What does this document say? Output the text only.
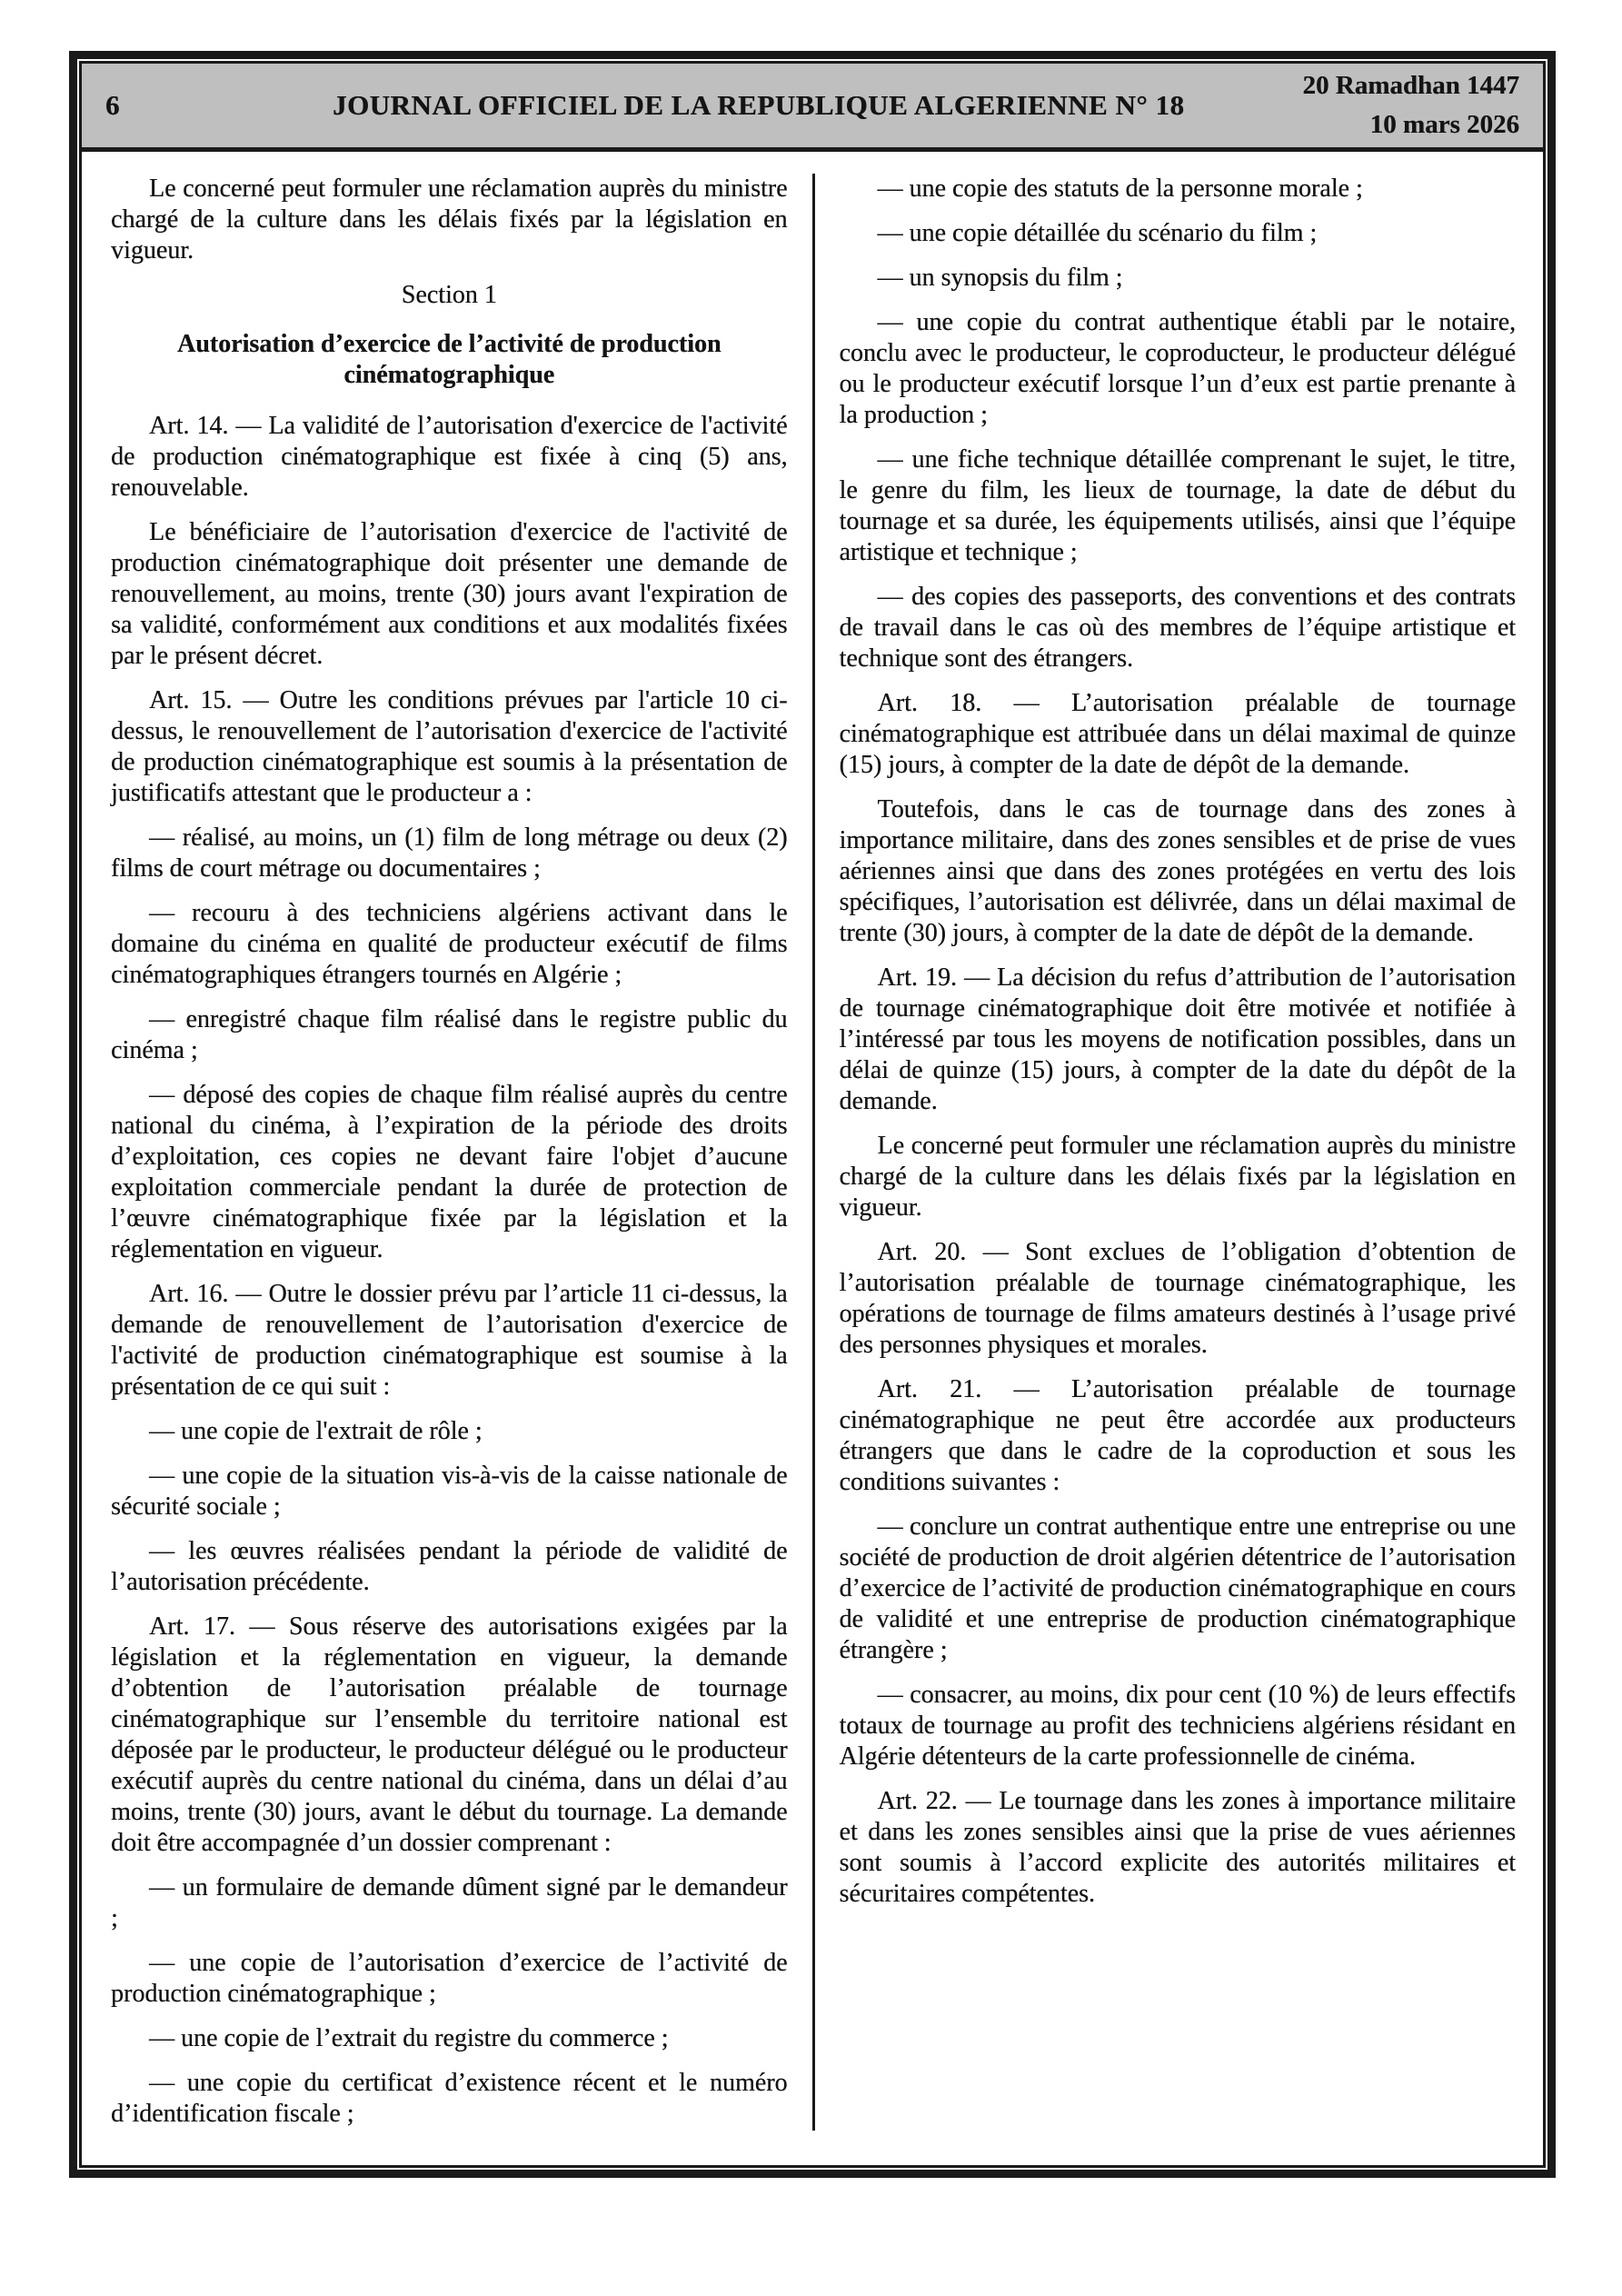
6	JOURNAL OFFICIEL DE LA REPUBLIQUE ALGERIENNE N° 18
20 Ramadhan 1447
10 mars 2026

Le concerné peut formuler une réclamation auprès du ministre chargé de la culture dans les délais fixés par la législation en vigueur.

Section 1

Autorisation d’exercice de l’activité de production cinématographique

Art. 14. — La validité de l’autorisation d'exercice de l'activité de production cinématographique est fixée à cinq (5) ans, renouvelable.

Le bénéficiaire de l’autorisation d'exercice de l'activité de production cinématographique doit présenter une demande de renouvellement, au moins, trente (30) jours avant l'expiration de sa validité, conformément aux conditions et aux modalités fixées par le présent décret.

Art. 15. — Outre les conditions prévues par l'article 10 ci-dessus, le renouvellement de l’autorisation d'exercice de l'activité de production cinématographique est soumis à la présentation de justificatifs attestant que le producteur a :

— réalisé, au moins, un (1) film de long métrage ou deux (2) films de court métrage ou documentaires ;

— recouru à des techniciens algériens activant dans le domaine du cinéma en qualité de producteur exécutif de films cinématographiques étrangers tournés en Algérie ;

— enregistré chaque film réalisé dans le registre public du cinéma ;

— déposé des copies de chaque film réalisé auprès du centre national du cinéma, à l’expiration de la période des droits d’exploitation, ces copies ne devant faire l'objet d’aucune exploitation commerciale pendant la durée de protection de l’œuvre cinématographique fixée par la législation et la réglementation en vigueur.

Art. 16. — Outre le dossier prévu par l’article 11 ci-dessus, la demande de renouvellement de l’autorisation d'exercice de l'activité de production cinématographique est soumise à la présentation de ce qui suit :

— une copie de l'extrait de rôle ;

— une copie de la situation vis-à-vis de la caisse nationale de sécurité sociale ;

— les œuvres réalisées pendant la période de validité de l’autorisation précédente.

Art. 17. — Sous réserve des autorisations exigées par la législation et la réglementation en vigueur, la demande d’obtention de l’autorisation préalable de tournage cinématographique sur l’ensemble du territoire national est déposée par le producteur, le producteur délégué ou le producteur exécutif auprès du centre national du cinéma, dans un délai d’au moins, trente (30) jours, avant le début du tournage. La demande doit être accompagnée d’un dossier comprenant :

— un formulaire de demande dûment signé par le demandeur ;

— une copie de l’autorisation d’exercice de l’activité de production cinématographique ;

— une copie de l’extrait du registre du commerce ;

— une copie du certificat d’existence récent et le numéro d’identification fiscale ;

— une copie des statuts de la personne morale ;

— une copie détaillée du scénario du film ;

— un synopsis du film ;

— une copie du contrat authentique établi par le notaire, conclu avec le producteur, le coproducteur, le producteur délégué ou le producteur exécutif lorsque l’un d’eux est partie prenante à la production ;

— une fiche technique détaillée comprenant le sujet, le titre, le genre du film, les lieux de tournage, la date de début du tournage et sa durée, les équipements utilisés, ainsi que l’équipe artistique et technique ;

— des copies des passeports, des conventions et des contrats de travail dans le cas où des membres de l’équipe artistique et technique sont des étrangers.

Art. 18. — L’autorisation préalable de tournage cinématographique est attribuée dans un délai maximal de quinze (15) jours, à compter de la date de dépôt de la demande.

Toutefois, dans le cas de tournage dans des zones à importance militaire, dans des zones sensibles et de prise de vues aériennes ainsi que dans des zones protégées en vertu des lois spécifiques, l’autorisation est délivrée, dans un délai maximal de trente (30) jours, à compter de la date de dépôt de la demande.

Art. 19. — La décision du refus d’attribution de l’autorisation de tournage cinématographique doit être motivée et notifiée à l’intéressé par tous les moyens de notification possibles, dans un délai de quinze (15) jours, à compter de la date du dépôt de la demande.

Le concerné peut formuler une réclamation auprès du ministre chargé de la culture dans les délais fixés par la législation en vigueur.

Art. 20. — Sont exclues de l’obligation d’obtention de l’autorisation préalable de tournage cinématographique, les opérations de tournage de films amateurs destinés à l’usage privé des personnes physiques et morales.

Art. 21. — L’autorisation préalable de tournage cinématographique ne peut être accordée aux producteurs étrangers que dans le cadre de la coproduction et sous les conditions suivantes :

— conclure un contrat authentique entre une entreprise ou une société de production de droit algérien détentrice de l’autorisation d’exercice de l’activité de production cinématographique en cours de validité et une entreprise de production cinématographique étrangère ;

— consacrer, au moins, dix pour cent (10 %) de leurs effectifs totaux de tournage au profit des techniciens algériens résidant en Algérie détenteurs de la carte professionnelle de cinéma.

Art. 22. — Le tournage dans les zones à importance militaire et dans les zones sensibles ainsi que la prise de vues aériennes sont soumis à l’accord explicite des autorités militaires et sécuritaires compétentes.
